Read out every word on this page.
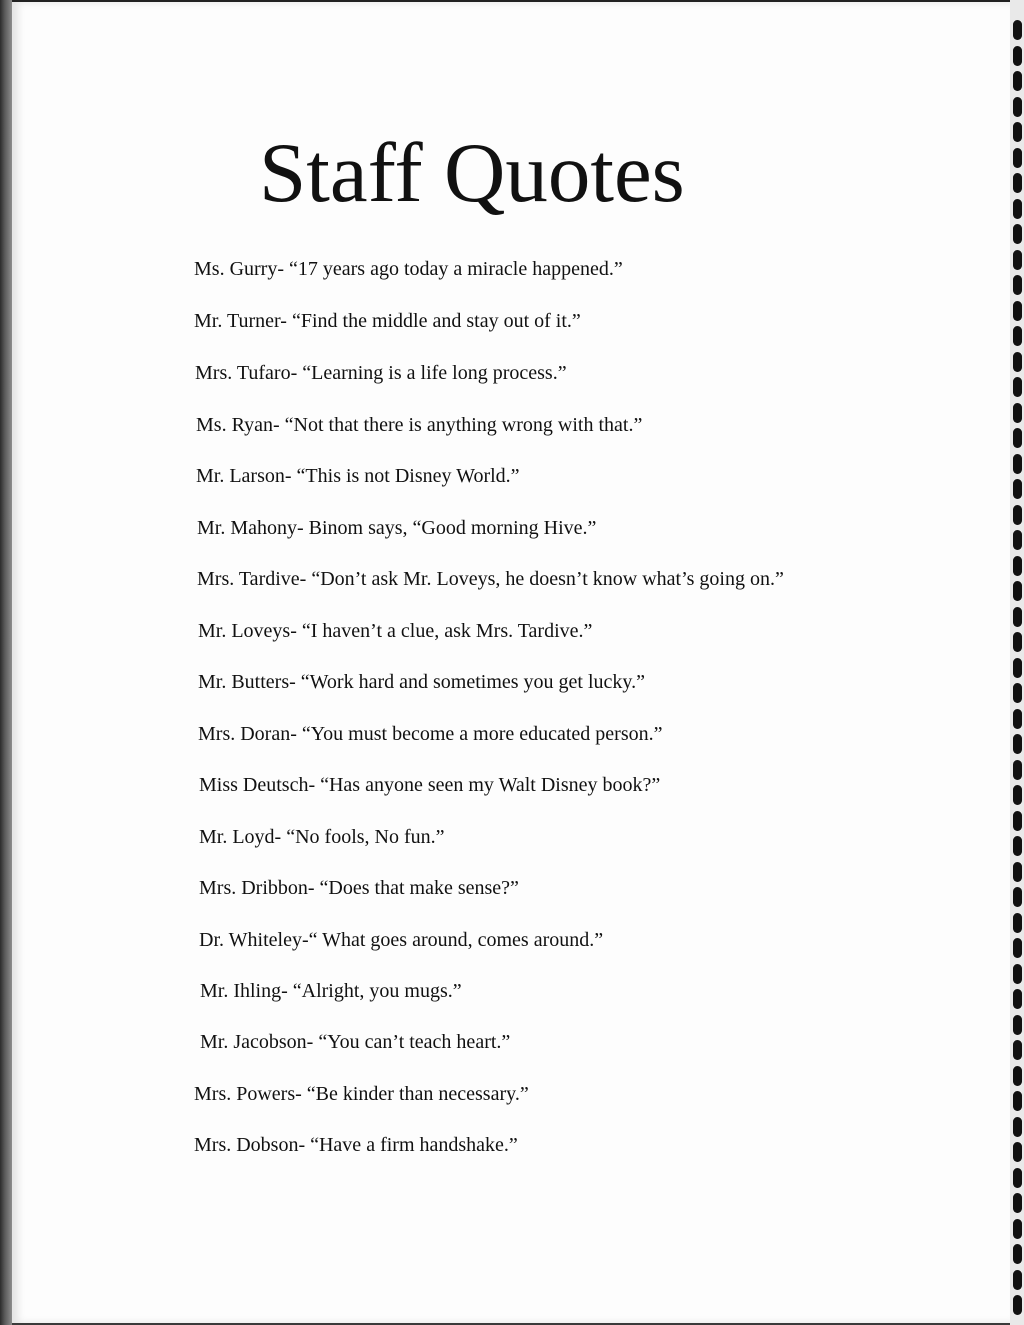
Staff Quotes
Ms. Gurry- “17 years ago today a miracle happened.”
Mr. Turner- “Find the middle and stay out of it.”
Mrs. Tufaro- “Learning is a life long process.”
Ms. Ryan- “Not that there is anything wrong with that.”
Mr. Larson- “This is not Disney World.”
Mr. Mahony- Binom says, “Good morning Hive.”
Mrs. Tardive- “Don’t ask Mr. Loveys, he doesn’t know what’s going on.”
Mr. Loveys- “I haven’t a clue, ask Mrs. Tardive.”
Mr. Butters- “Work hard and sometimes you get lucky.”
Mrs. Doran- “You must become a more educated person.”
Miss Deutsch- “Has anyone seen my Walt Disney book?”
Mr. Loyd- “No fools, No fun.”
Mrs. Dribbon- “Does that make sense?”
Dr. Whiteley-“ What goes around, comes around.”
Mr. Ihling- “Alright, you mugs.”
Mr. Jacobson- “You can’t teach heart.”
Mrs. Powers- “Be kinder than necessary.”
Mrs. Dobson- “Have a firm handshake.”
